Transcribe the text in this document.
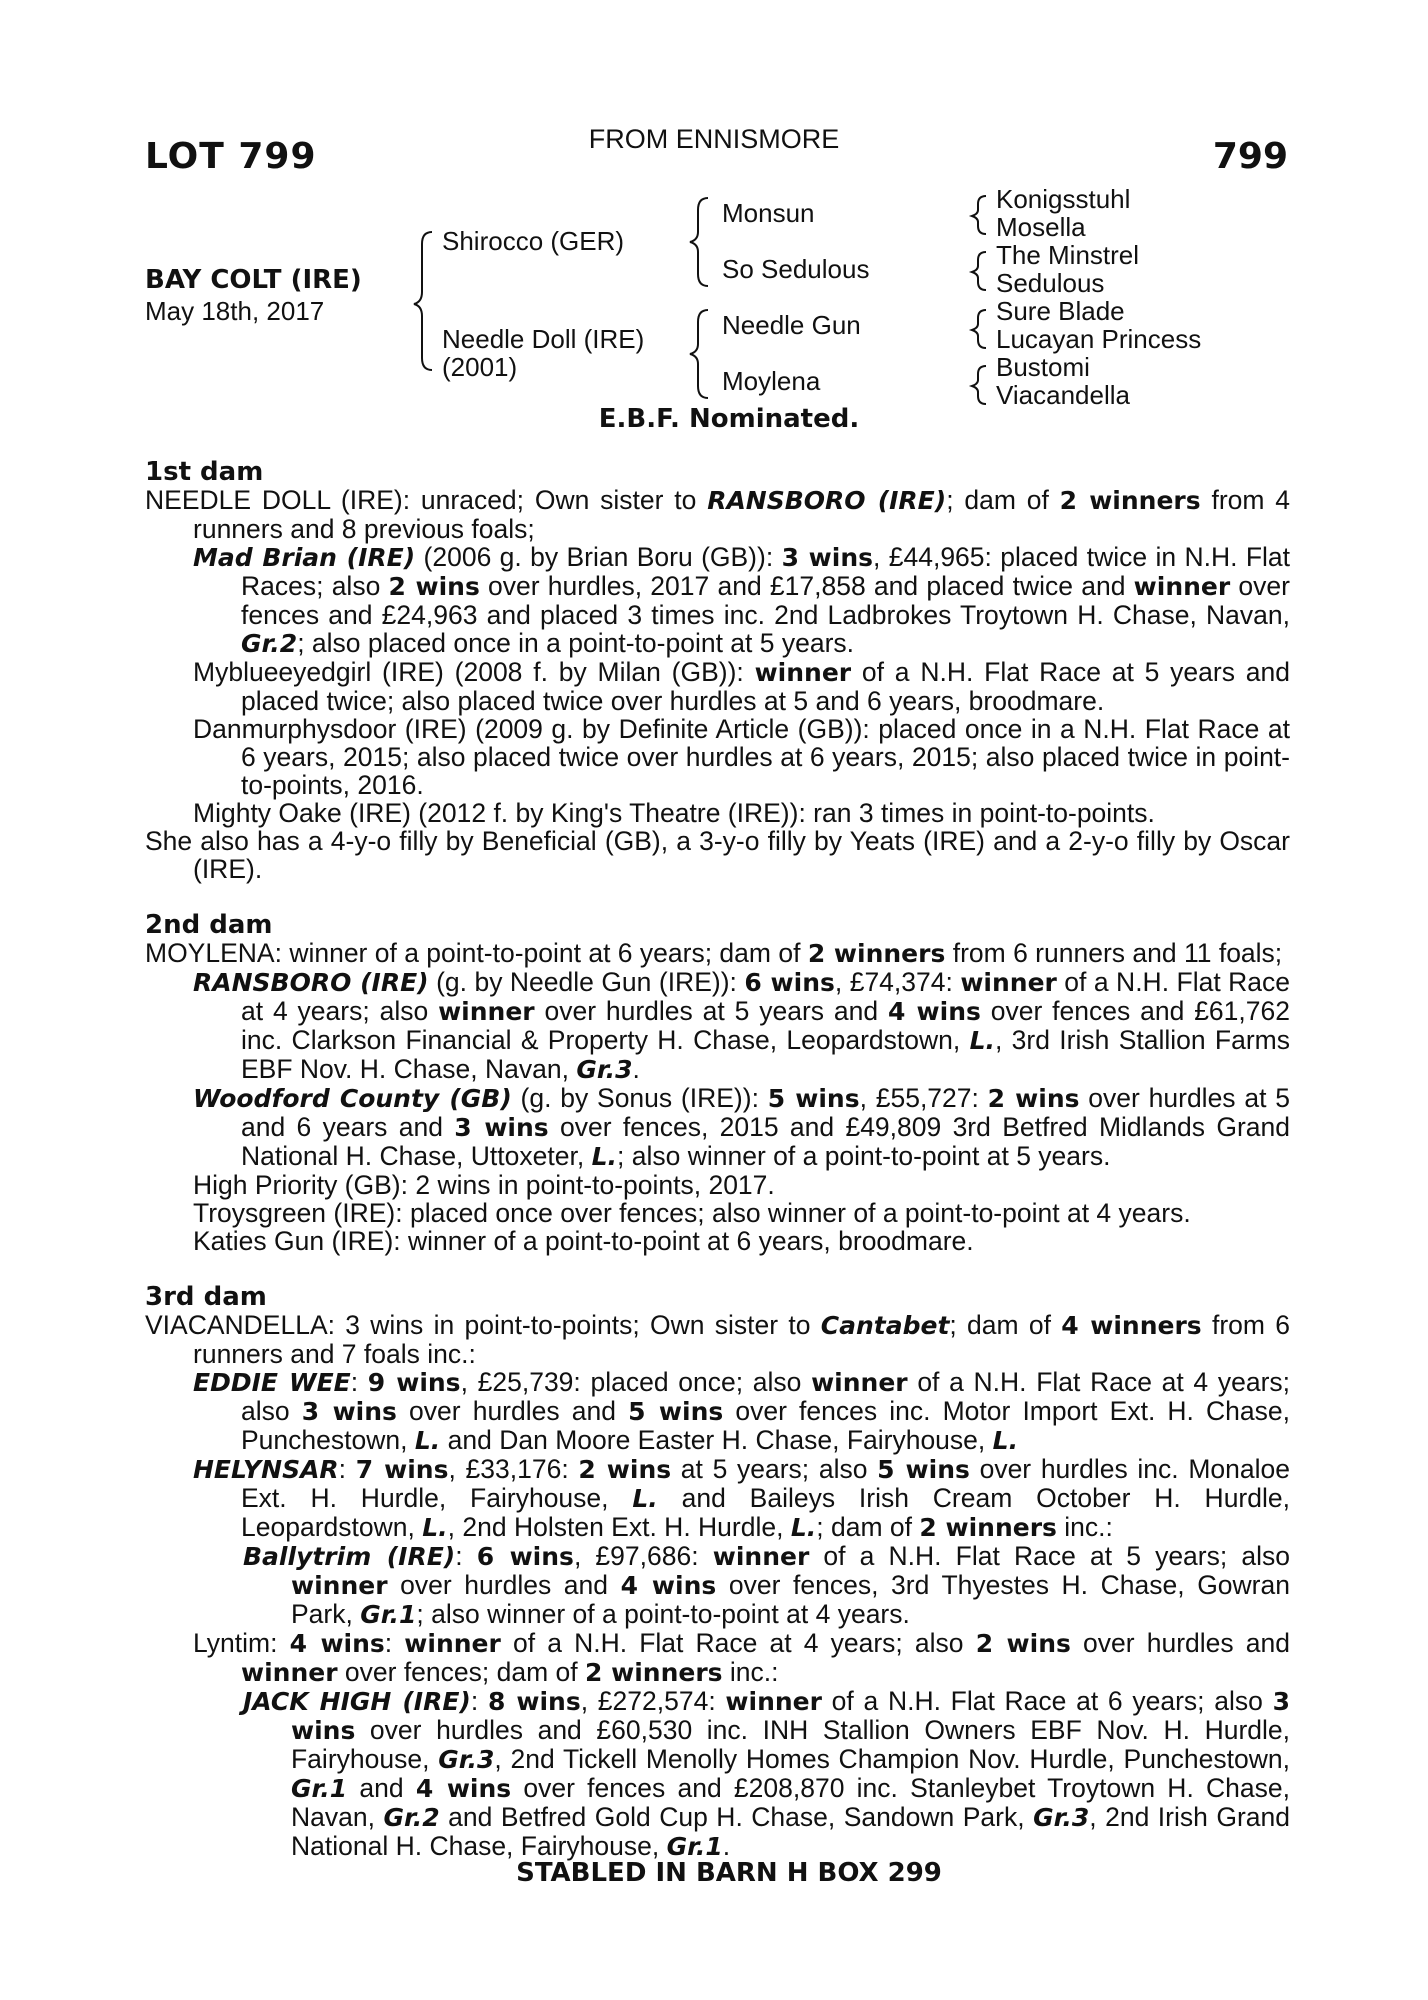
LOT 799	FROM ENNISMORE	799
BAY COLT (IRE)
May 18th, 2017
Shirocco (GER)
Needle Doll (IRE)
(2001)
Monsun
So Sedulous
Needle Gun
Moylena
Konigsstuhl
Mosella
The Minstrel
Sedulous
Sure Blade
Lucayan Princess
Bustomi
Viacandella
E.B.F. Nominated.
1st dam
NEEDLE DOLL (IRE): unraced; Own sister to RANSBORO (IRE); dam of 2 winners from 4 runners and 8 previous foals;
Mad Brian (IRE) (2006 g. by Brian Boru (GB)): 3 wins, £44,965: placed twice in N.H. Flat Races; also 2 wins over hurdles, 2017 and £17,858 and placed twice and winner over fences and £24,963 and placed 3 times inc. 2nd Ladbrokes Troytown H. Chase, Navan, Gr.2; also placed once in a point-to-point at 5 years.
Myblueeyedgirl (IRE) (2008 f. by Milan (GB)): winner of a N.H. Flat Race at 5 years and placed twice; also placed twice over hurdles at 5 and 6 years, broodmare.
Danmurphysdoor (IRE) (2009 g. by Definite Article (GB)): placed once in a N.H. Flat Race at 6 years, 2015; also placed twice over hurdles at 6 years, 2015; also placed twice in point-to-points, 2016.
Mighty Oake (IRE) (2012 f. by King's Theatre (IRE)): ran 3 times in point-to-points.
She also has a 4-y-o filly by Beneficial (GB), a 3-y-o filly by Yeats (IRE) and a 2-y-o filly by Oscar (IRE).
2nd dam
MOYLENA: winner of a point-to-point at 6 years; dam of 2 winners from 6 runners and 11 foals;
RANSBORO (IRE) (g. by Needle Gun (IRE)): 6 wins, £74,374: winner of a N.H. Flat Race at 4 years; also winner over hurdles at 5 years and 4 wins over fences and £61,762 inc. Clarkson Financial & Property H. Chase, Leopardstown, L., 3rd Irish Stallion Farms EBF Nov. H. Chase, Navan, Gr.3.
Woodford County (GB) (g. by Sonus (IRE)): 5 wins, £55,727: 2 wins over hurdles at 5 and 6 years and 3 wins over fences, 2015 and £49,809 3rd Betfred Midlands Grand National H. Chase, Uttoxeter, L.; also winner of a point-to-point at 5 years.
High Priority (GB): 2 wins in point-to-points, 2017.
Troysgreen (IRE): placed once over fences; also winner of a point-to-point at 4 years.
Katies Gun (IRE): winner of a point-to-point at 6 years, broodmare.
3rd dam
VIACANDELLA: 3 wins in point-to-points; Own sister to Cantabet; dam of 4 winners from 6 runners and 7 foals inc.:
EDDIE WEE: 9 wins, £25,739: placed once; also winner of a N.H. Flat Race at 4 years; also 3 wins over hurdles and 5 wins over fences inc. Motor Import Ext. H. Chase, Punchestown, L. and Dan Moore Easter H. Chase, Fairyhouse, L.
HELYNSAR: 7 wins, £33,176: 2 wins at 5 years; also 5 wins over hurdles inc. Monaloe Ext. H. Hurdle, Fairyhouse, L. and Baileys Irish Cream October H. Hurdle, Leopardstown, L., 2nd Holsten Ext. H. Hurdle, L.; dam of 2 winners inc.:
Ballytrim (IRE): 6 wins, £97,686: winner of a N.H. Flat Race at 5 years; also winner over hurdles and 4 wins over fences, 3rd Thyestes H. Chase, Gowran Park, Gr.1; also winner of a point-to-point at 4 years.
Lyntim: 4 wins: winner of a N.H. Flat Race at 4 years; also 2 wins over hurdles and winner over fences; dam of 2 winners inc.:
JACK HIGH (IRE): 8 wins, £272,574: winner of a N.H. Flat Race at 6 years; also 3 wins over hurdles and £60,530 inc. INH Stallion Owners EBF Nov. H. Hurdle, Fairyhouse, Gr.3, 2nd Tickell Menolly Homes Champion Nov. Hurdle, Punchestown, Gr.1 and 4 wins over fences and £208,870 inc. Stanleybet Troytown H. Chase, Navan, Gr.2 and Betfred Gold Cup H. Chase, Sandown Park, Gr.3, 2nd Irish Grand National H. Chase, Fairyhouse, Gr.1.
STABLED IN BARN H BOX 299
